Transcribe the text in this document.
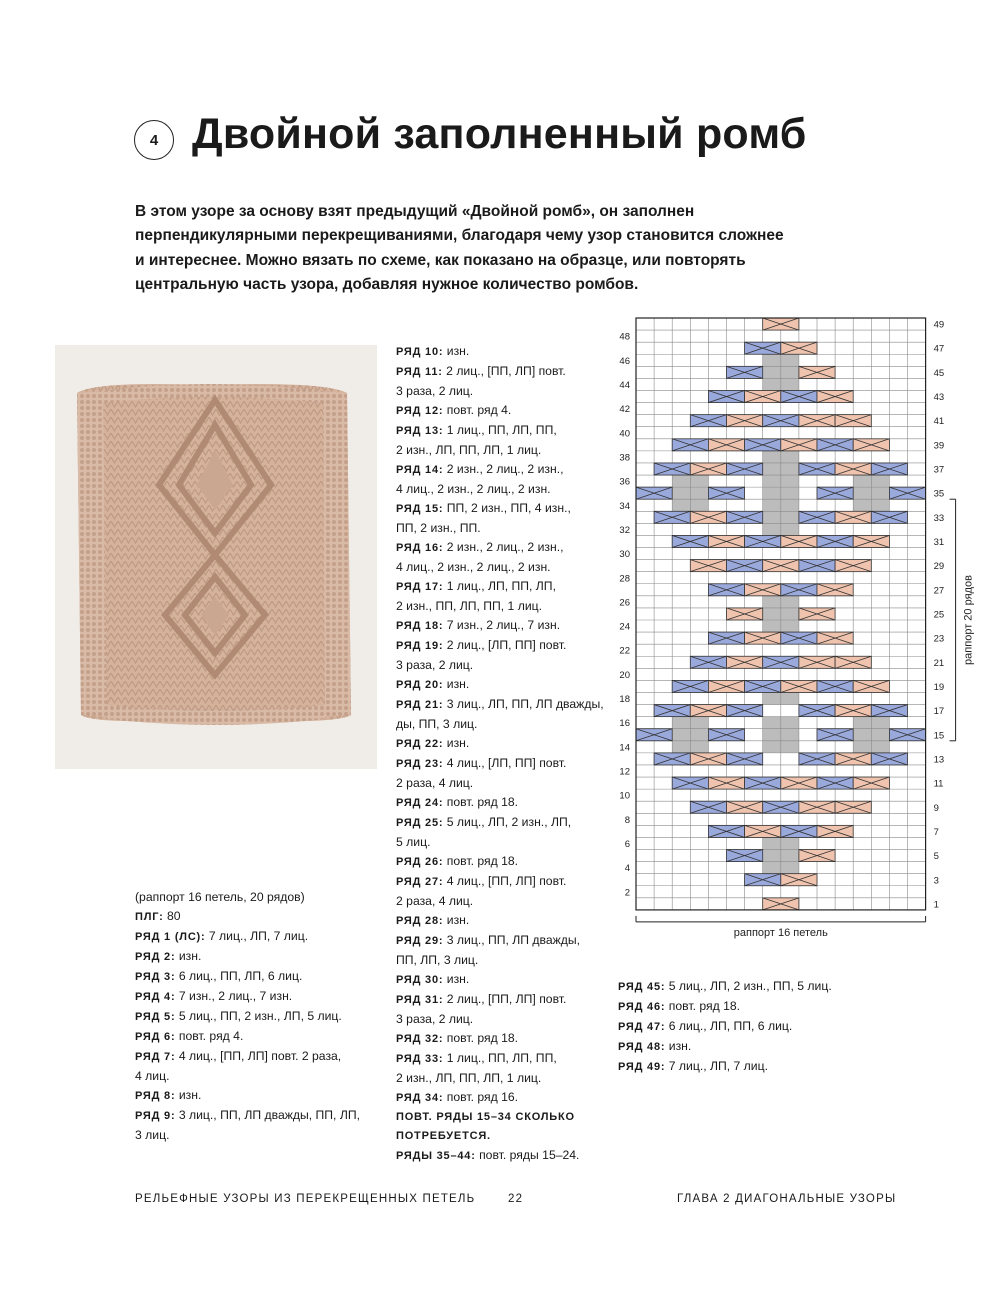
4 Двойной заполненный ромб

В этом узоре за основу взят предыдущий «Двойной ромб», он заполнен
перпендикулярными перекрещиваниями, благодаря чему узор становится сложнее
и интереснее. Можно вязать по схеме, как показано на образце, или повторять
центральную часть узора, добавляя нужное количество ромбов.

(раппорт 16 петель, 20 рядов)
ПЛГ: 80
РЯД 1 (ЛС): 7 лиц., ЛП, 7 лиц.
РЯД 2: изн.
РЯД 3: 6 лиц., ПП, ЛП, 6 лиц.
РЯД 4: 7 изн., 2 лиц., 7 изн.
РЯД 5: 5 лиц., ПП, 2 изн., ЛП, 5 лиц.
РЯД 6: повт. ряд 4.
РЯД 7: 4 лиц., [ПП, ЛП] повт. 2 раза,
4 лиц.
РЯД 8: изн.
РЯД 9: 3 лиц., ПП, ЛП дважды, ПП, ЛП,
3 лиц.
РЯД 10: изн.
РЯД 11: 2 лиц., [ПП, ЛП] повт.
3 раза, 2 лиц.
РЯД 12: повт. ряд 4.
РЯД 13: 1 лиц., ПП, ЛП, ПП,
2 изн., ЛП, ПП, ЛП, 1 лиц.
РЯД 14: 2 изн., 2 лиц., 2 изн.,
4 лиц., 2 изн., 2 лиц., 2 изн.
РЯД 15: ПП, 2 изн., ПП, 4 изн.,
ПП, 2 изн., ПП.
РЯД 16: 2 изн., 2 лиц., 2 изн.,
4 лиц., 2 изн., 2 лиц., 2 изн.
РЯД 17: 1 лиц., ЛП, ПП, ЛП,
2 изн., ПП, ЛП, ПП, 1 лиц.
РЯД 18: 7 изн., 2 лиц., 7 изн.
РЯД 19: 2 лиц., [ЛП, ПП] повт.
3 раза, 2 лиц.
РЯД 20: изн.
РЯД 21: 3 лиц., ЛП, ПП, ЛП дважды,
ды, ПП, 3 лиц.
РЯД 22: изн.
РЯД 23: 4 лиц., [ЛП, ПП] повт.
2 раза, 4 лиц.
РЯД 24: повт. ряд 18.
РЯД 25: 5 лиц., ЛП, 2 изн., ЛП,
5 лиц.
РЯД 26: повт. ряд 18.
РЯД 27: 4 лиц., [ПП, ЛП] повт.
2 раза, 4 лиц.
РЯД 28: изн.
РЯД 29: 3 лиц., ПП, ЛП дважды,
ПП, ЛП, 3 лиц.
РЯД 30: изн.
РЯД 31: 2 лиц., [ПП, ЛП] повт.
3 раза, 2 лиц.
РЯД 32: повт. ряд 18.
РЯД 33: 1 лиц., ПП, ЛП, ПП,
2 изн., ЛП, ПП, ЛП, 1 лиц.
РЯД 34: повт. ряд 16.
ПОВТ. РЯДЫ 15–34 СКОЛЬКО
ПОТРЕБУЕТСЯ.
РЯДЫ 35–44: повт. ряды 15–24.
РЯД 45: 5 лиц., ЛП, 2 изн., ПП, 5 лиц.
РЯД 46: повт. ряд 18.
РЯД 47: 6 лиц., ЛП, ПП, 6 лиц.
РЯД 48: изн.
РЯД 49: 7 лиц., ЛП, 7 лиц.
49
47
45
43
41
39
37
35
33
31
29
27
25
23
21
19
17
15
13
11
9
7
5
3
1
48
46
44
42
40
38
36
34
32
30
28
26
24
22
20
18
16
14
12
10
8
6
4
2
раппорт 16 петель
раппорт 20 рядов
РЕЛЬЕФНЫЕ УЗОРЫ ИЗ ПЕРЕКРЕЩЕННЫХ ПЕТЕЛЬ	22	ГЛАВА 2 ДИАГОНАЛЬНЫЕ УЗОРЫ
